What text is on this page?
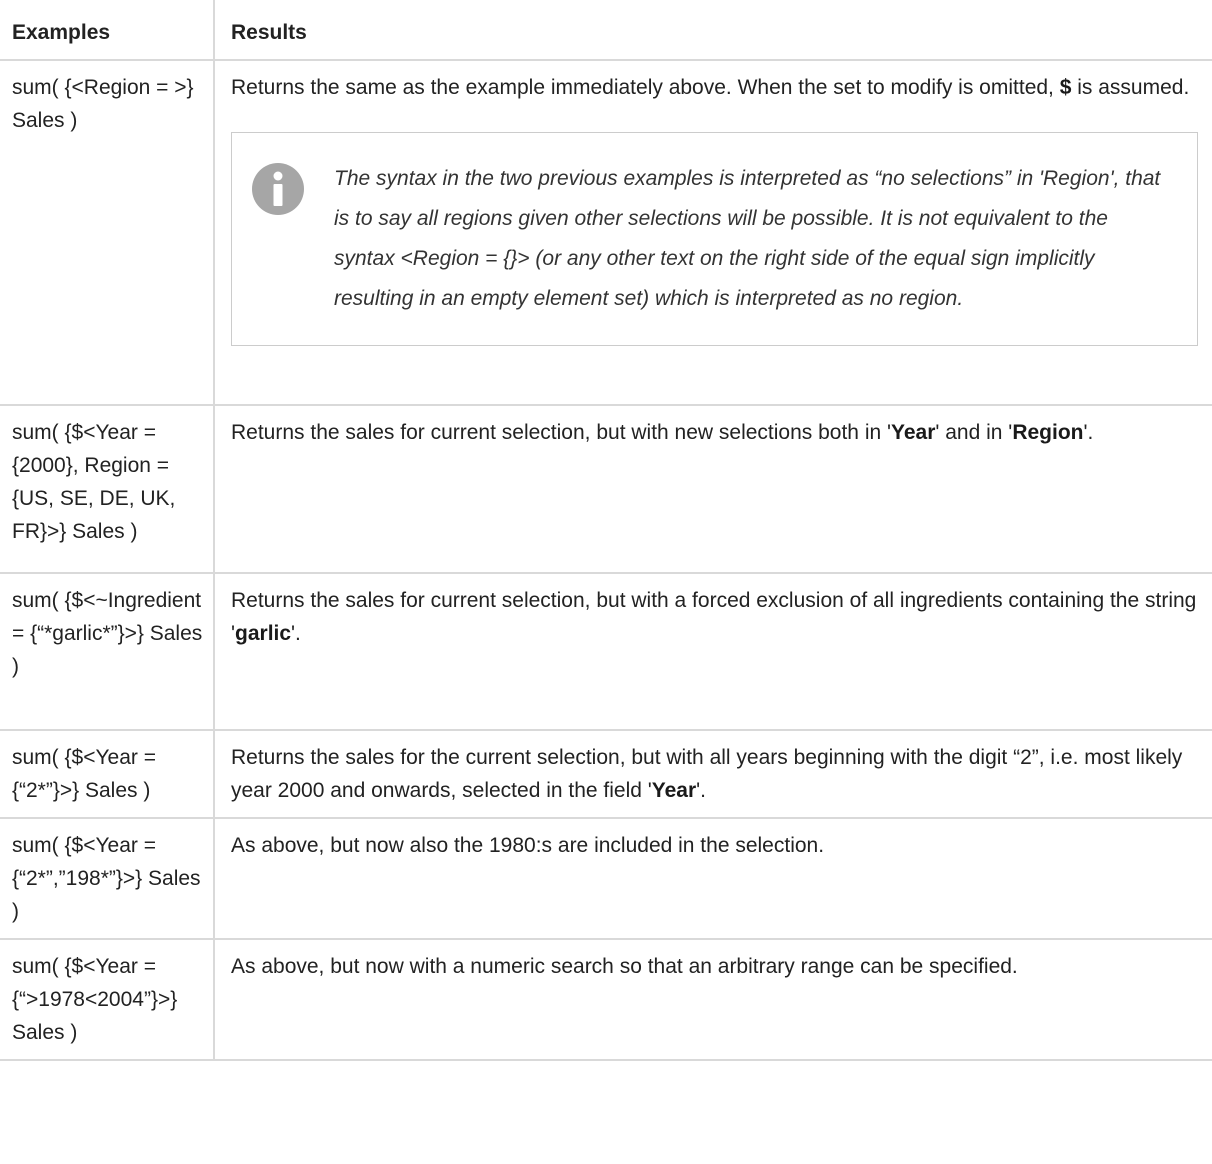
Examples	Results
sum( {<Region = >} Sales )	Returns the same as the example immediately above. When the set to modify is omitted, $ is assumed.
The syntax in the two previous examples is interpreted as “no selections” in 'Region', that is to say all regions given other selections will be possible. It is not equivalent to the syntax <Region = {}> (or any other text on the right side of the equal sign implicitly resulting in an empty element set) which is interpreted as no region.

sum( {$<Year = {2000}, Region = {US, SE, DE, UK, FR}>} Sales )	Returns the sales for current selection, but with new selections both in 'Year' and in 'Region'.
sum( {$<~Ingredient = {“*garlic*”}>} Sales )	Returns the sales for current selection, but with a forced exclusion of all ingredients containing the string 'garlic'.
sum( {$<Year = {“2*”}>} Sales )	Returns the sales for the current selection, but with all years beginning with the digit “2”, i.e. most likely year 2000 and onwards, selected in the field 'Year'.
sum( {$<Year = {“2*”,”198*”}>} Sales )	As above, but now also the 1980:s are included in the selection.
sum( {$<Year = {“>1978<2004”}>} Sales )	As above, but now with a numeric search so that an arbitrary range can be specified.
